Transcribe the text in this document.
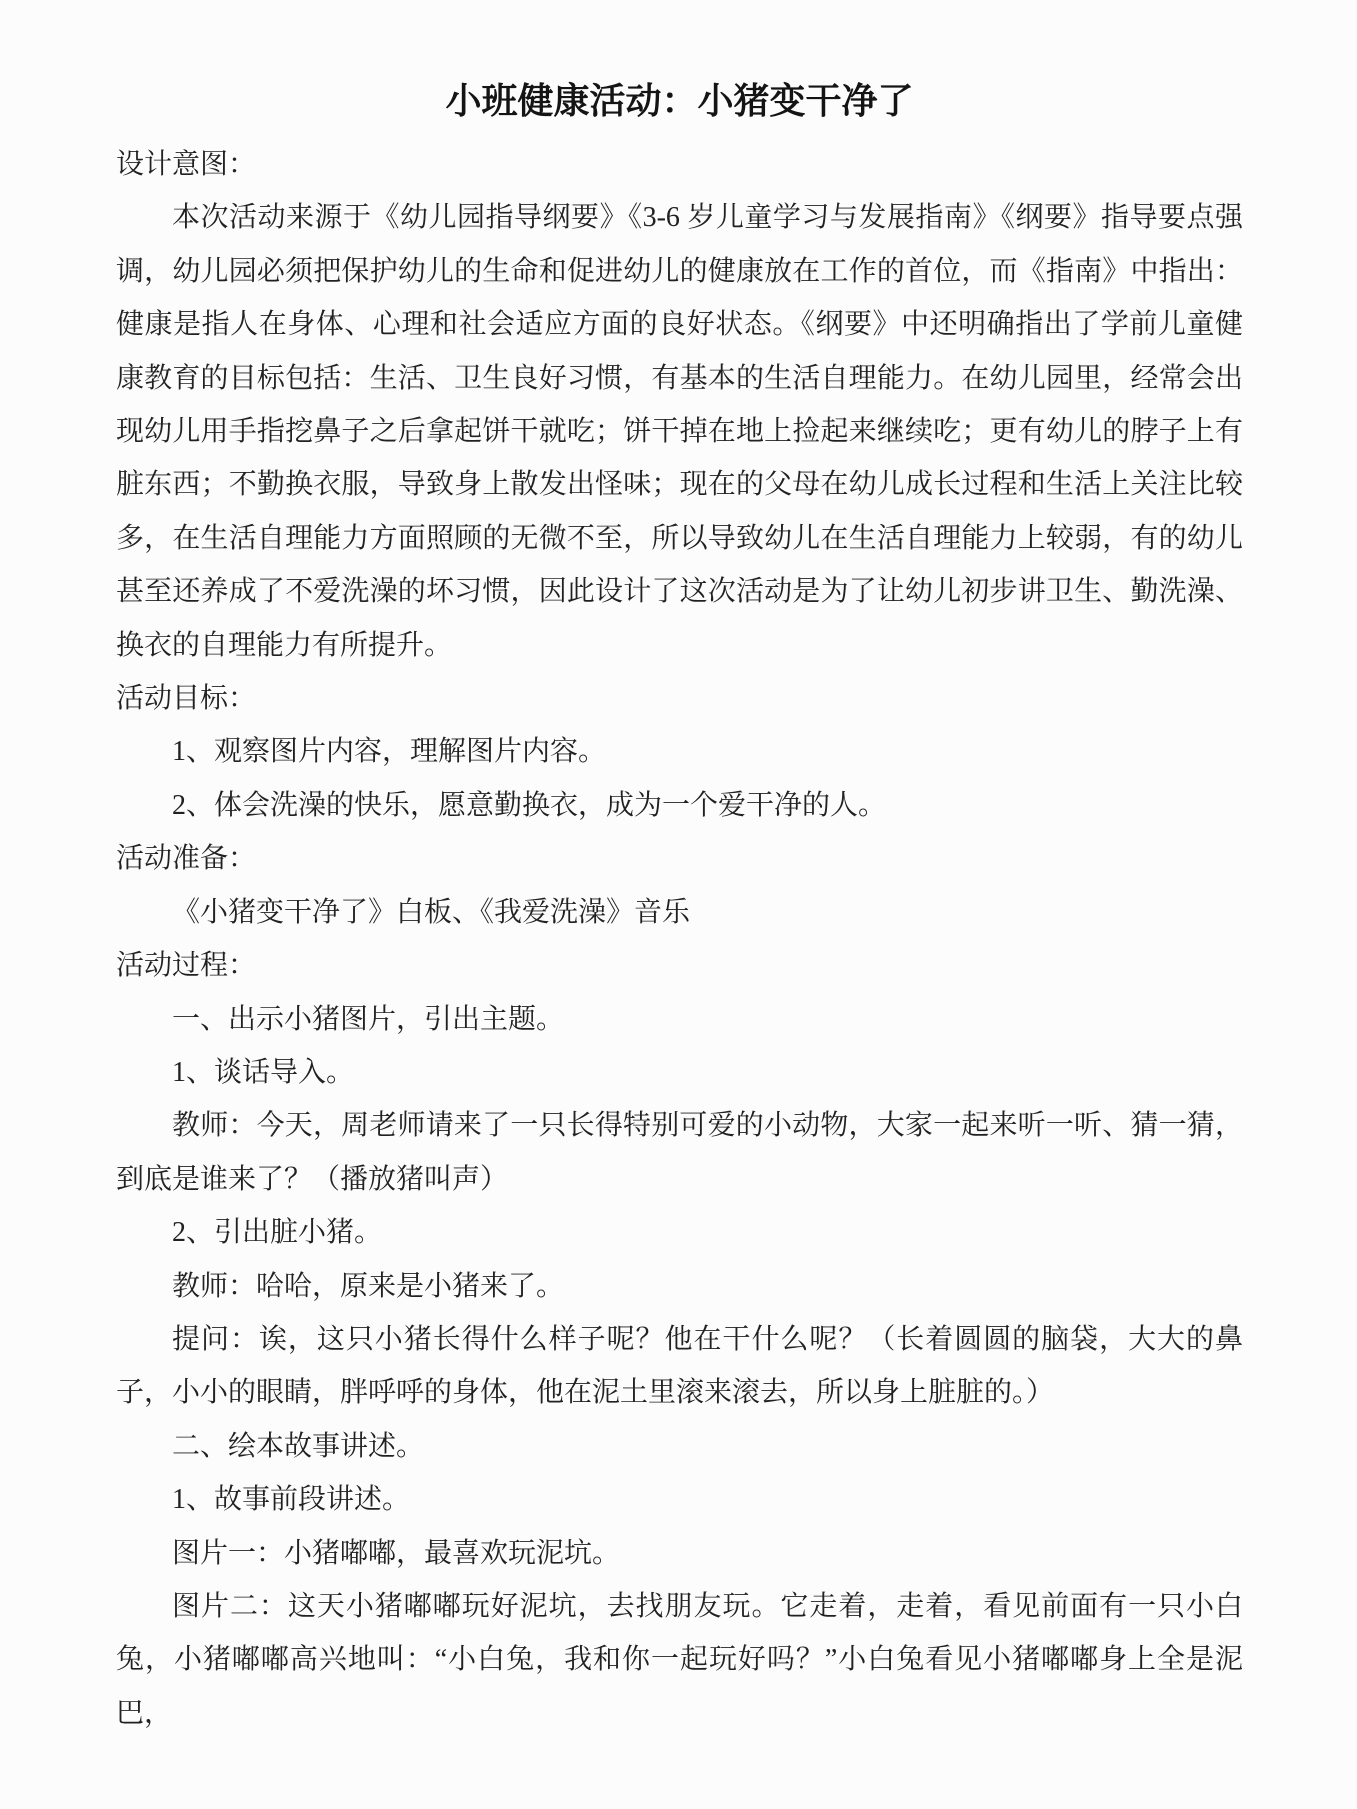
小班健康活动：小猪变干净了

设计意图：

本次活动来源于《幼儿园指导纲要》《3-6 岁儿童学习与发展指南》《纲要》指导要点强调，幼儿园必须把保护幼儿的生命和促进幼儿的健康放在工作的首位，而《指南》中指出：健康是指人在身体、心理和社会适应方面的良好状态。《纲要》中还明确指出了学前儿童健康教育的目标包括：生活、卫生良好习惯，有基本的生活自理能力。在幼儿园里，经常会出现幼儿用手指挖鼻子之后拿起饼干就吃；饼干掉在地上捡起来继续吃；更有幼儿的脖子上有脏东西；不勤换衣服，导致身上散发出怪味；现在的父母在幼儿成长过程和生活上关注比较多，在生活自理能力方面照顾的无微不至，所以导致幼儿在生活自理能力上较弱，有的幼儿甚至还养成了不爱洗澡的坏习惯，因此设计了这次活动是为了让幼儿初步讲卫生、勤洗澡、换衣的自理能力有所提升。

活动目标：

1、观察图片内容，理解图片内容。

2、体会洗澡的快乐，愿意勤换衣，成为一个爱干净的人。

活动准备：

《小猪变干净了》白板、《我爱洗澡》音乐

活动过程：

一、出示小猪图片，引出主题。

1、谈话导入。

教师：今天，周老师请来了一只长得特别可爱的小动物，大家一起来听一听、猜一猜，到底是谁来了？（播放猪叫声）

2、引出脏小猪。

教师：哈哈，原来是小猪来了。

提问：诶，这只小猪长得什么样子呢？他在干什么呢？（长着圆圆的脑袋，大大的鼻子，小小的眼睛，胖呼呼的身体，他在泥土里滚来滚去，所以身上脏脏的。）

二、绘本故事讲述。

1、故事前段讲述。

图片一：小猪嘟嘟，最喜欢玩泥坑。

图片二：这天小猪嘟嘟玩好泥坑，去找朋友玩。它走着，走着，看见前面有一只小白兔，小猪嘟嘟高兴地叫：“小白兔，我和你一起玩好吗？”小白兔看见小猪嘟嘟身上全是泥巴，
